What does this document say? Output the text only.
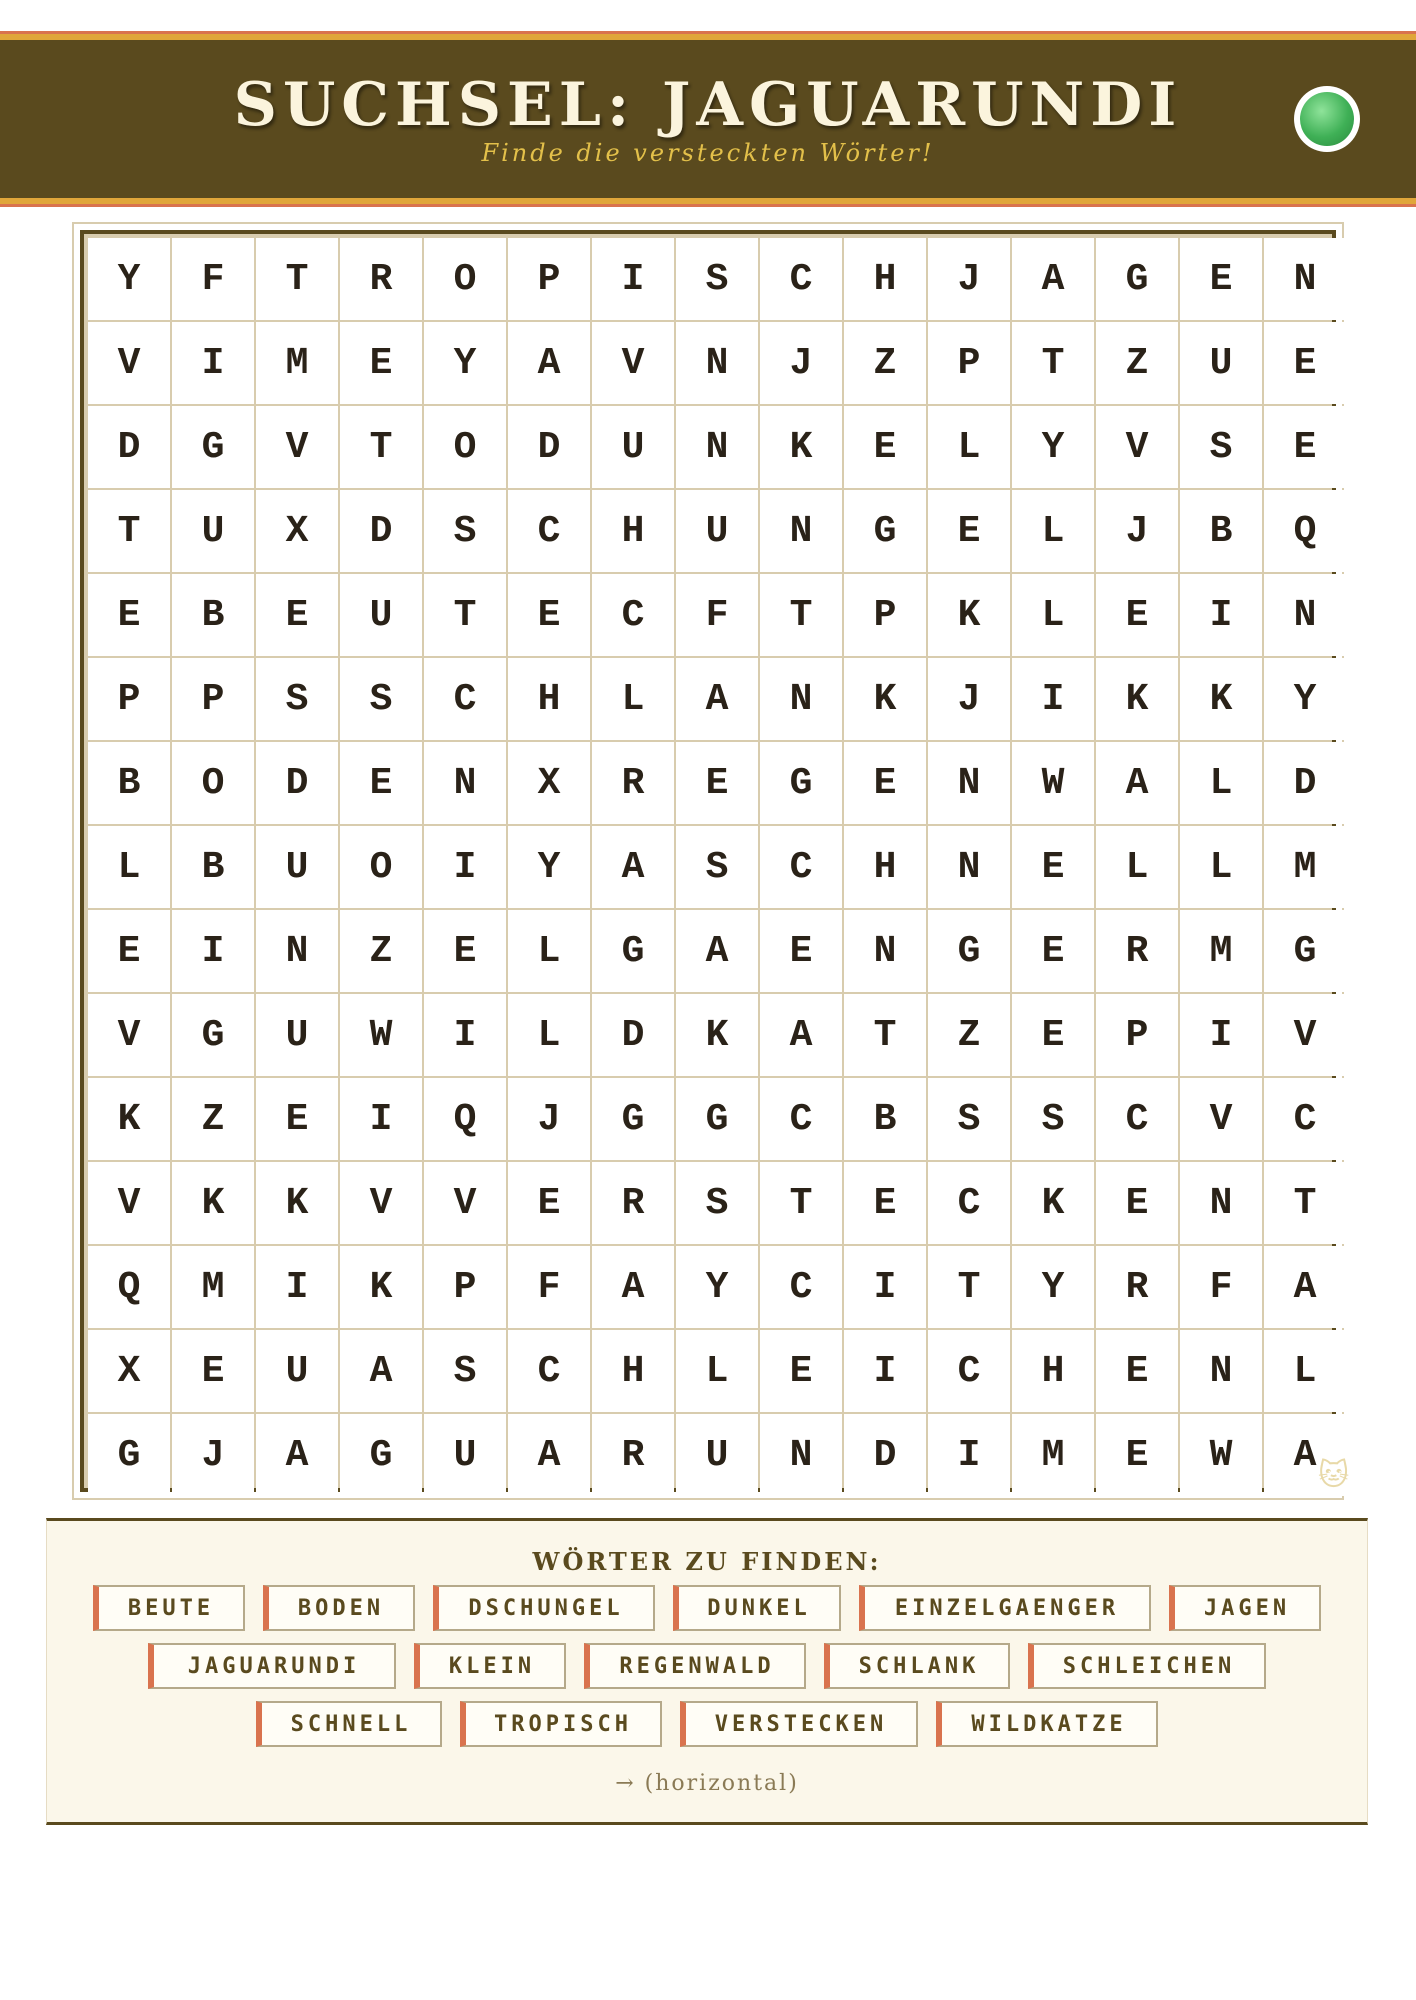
SUCHSEL: JAGUARUNDI
Finde die versteckten Wörter!
Y	F	T	R	O	P	I	S	C	H	J	A	G	E	N
V	I	M	E	Y	A	V	N	J	Z	P	T	Z	U	E
D	G	V	T	O	D	U	N	K	E	L	Y	V	S	E
T	U	X	D	S	C	H	U	N	G	E	L	J	B	Q
E	B	E	U	T	E	C	F	T	P	K	L	E	I	N
P	P	S	S	C	H	L	A	N	K	J	I	K	K	Y
B	O	D	E	N	X	R	E	G	E	N	W	A	L	D
L	B	U	O	I	Y	A	S	C	H	N	E	L	L	M
E	I	N	Z	E	L	G	A	E	N	G	E	R	M	G
V	G	U	W	I	L	D	K	A	T	Z	E	P	I	V
K	Z	E	I	Q	J	G	G	C	B	S	S	C	V	C
V	K	K	V	V	E	R	S	T	E	C	K	E	N	T
Q	M	I	K	P	F	A	Y	C	I	T	Y	R	F	A
X	E	U	A	S	C	H	L	E	I	C	H	E	N	L
G	J	A	G	U	A	R	U	N	D	I	M	E	W	A 🐱
WÖRTER ZU FINDEN:
BEUTE	BODEN	DSCHUNGEL	DUNKEL	EINZELGAENGER	JAGEN
JAGUARUNDI	KLEIN	REGENWALD	SCHLANK	SCHLEICHEN
SCHNELL	TROPISCH	VERSTECKEN	WILDKATZE
→ (horizontal)
